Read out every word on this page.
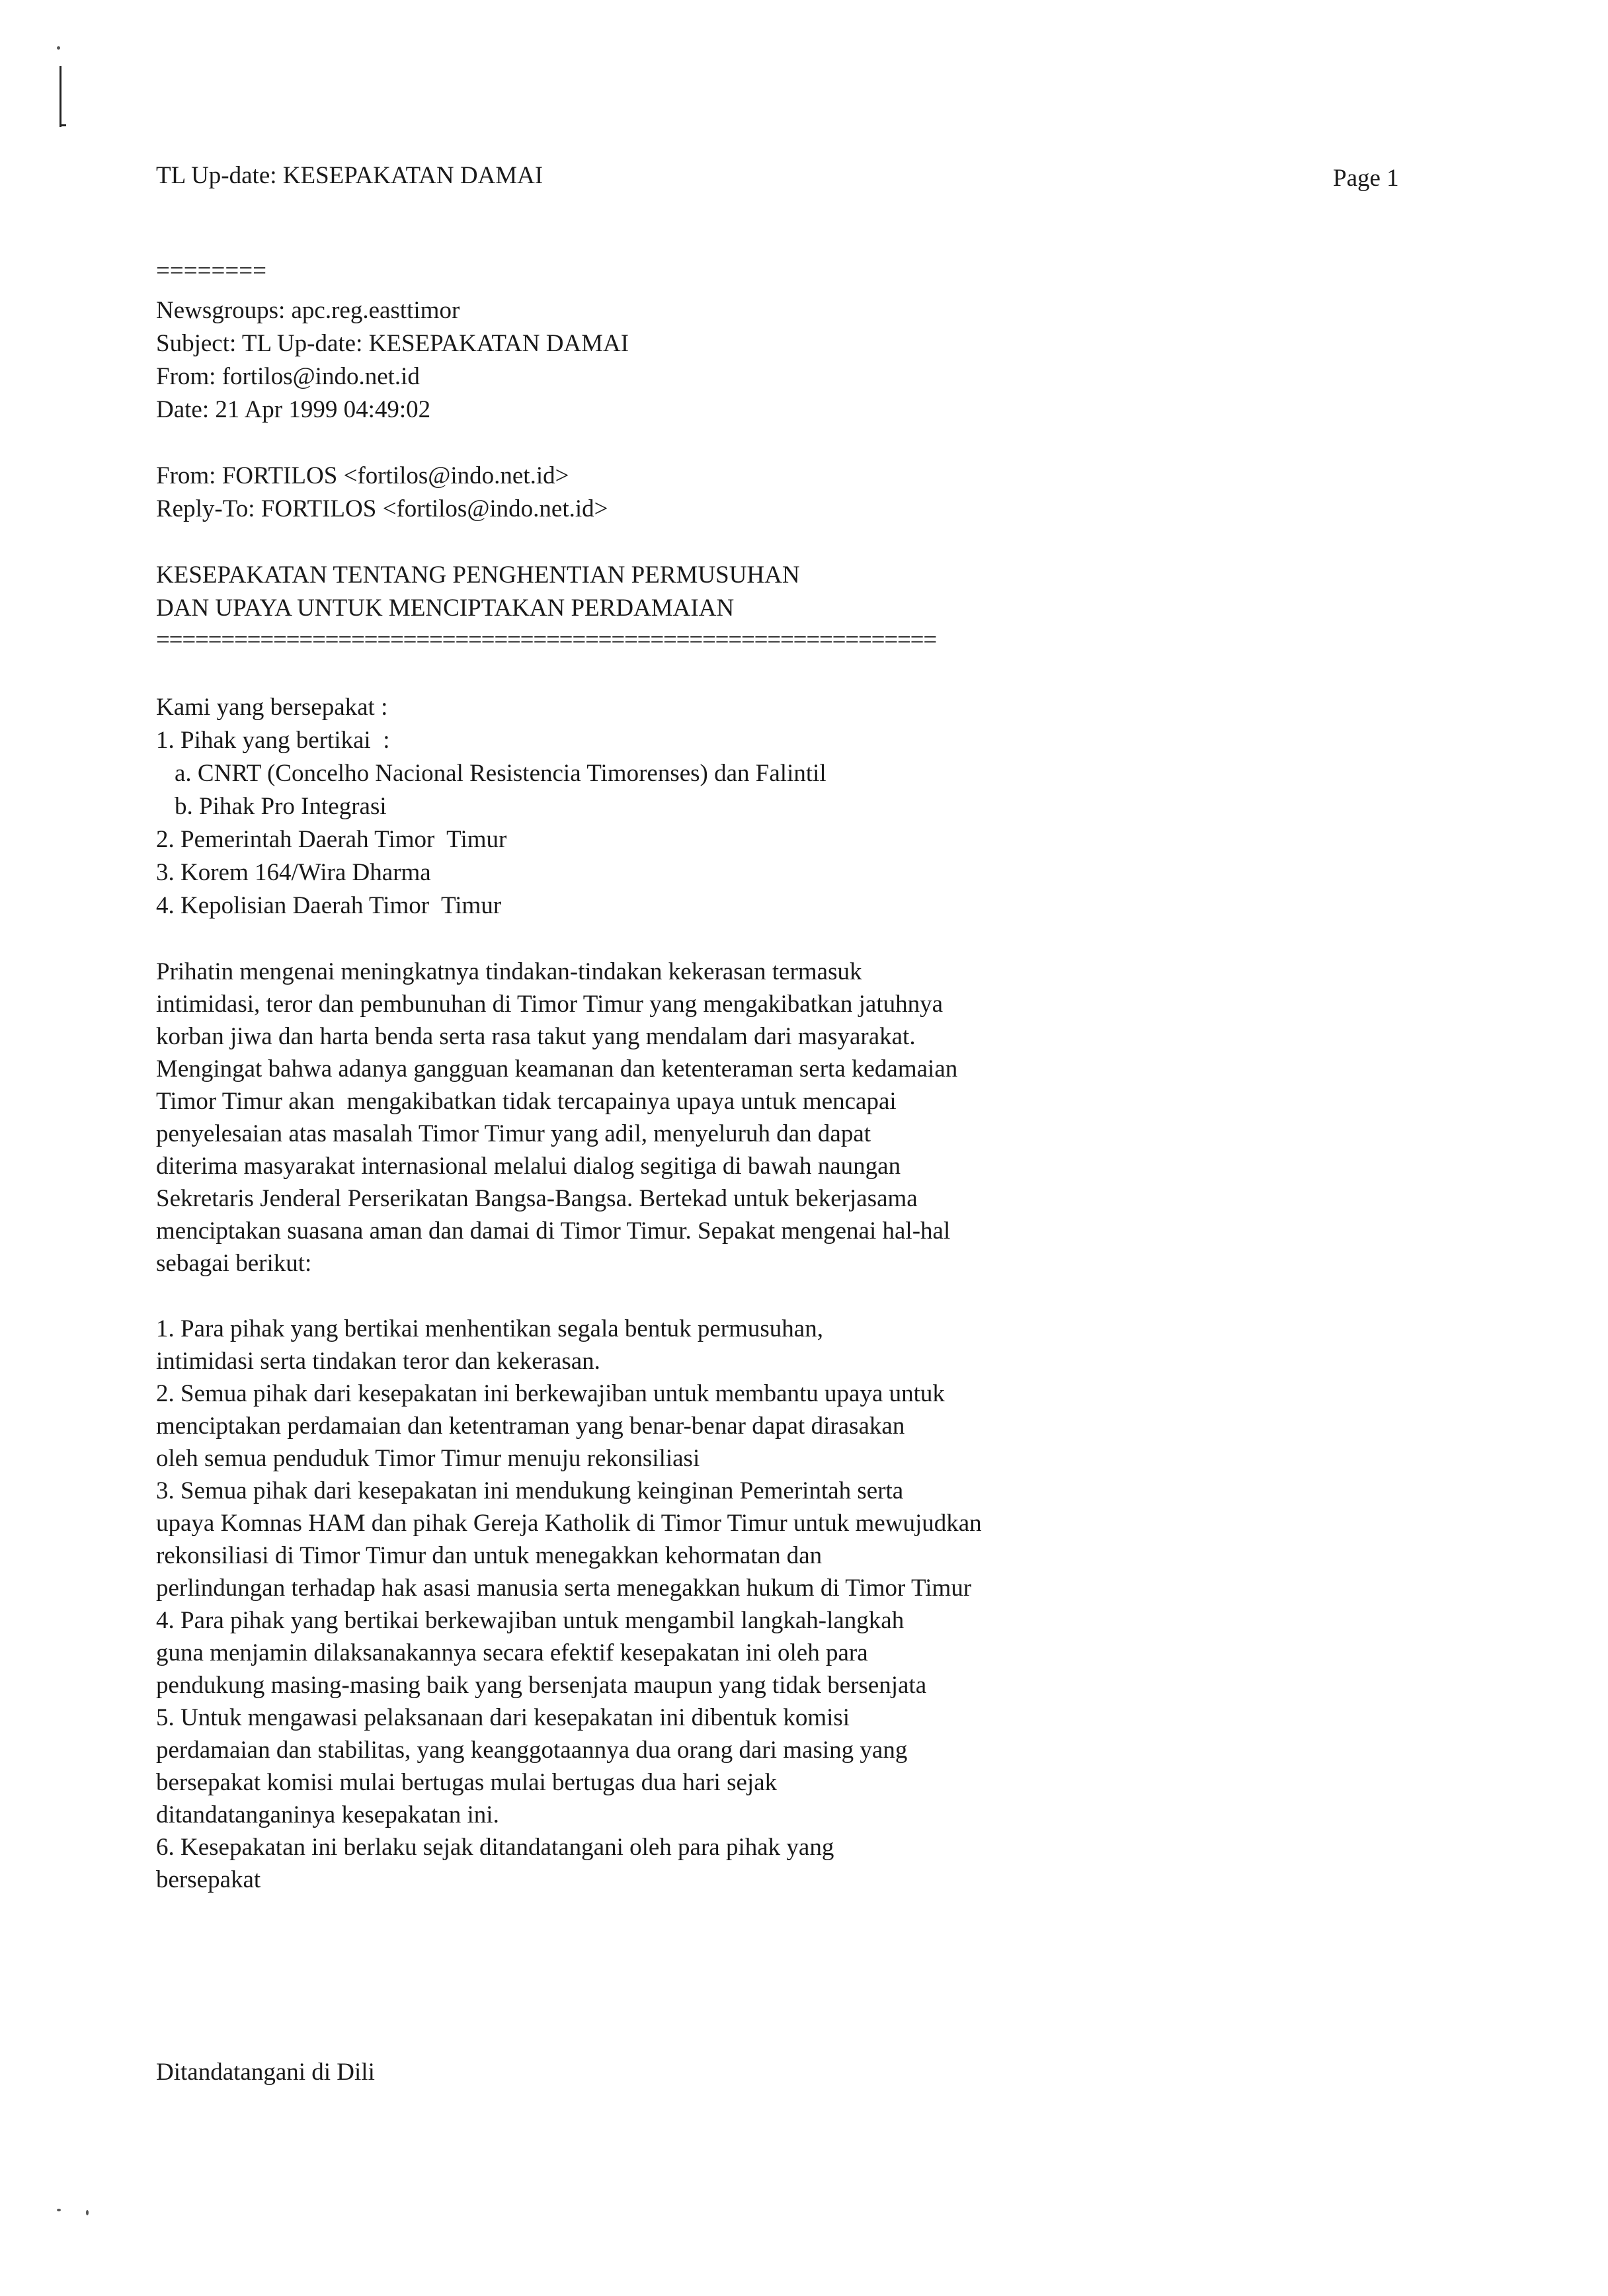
TL Up-date: KESEPAKATAN DAMAI	Page 1
========
Newsgroups: apc.reg.easttimor
Subject: TL Up-date: KESEPAKATAN DAMAI
From: fortilos@indo.net.id
Date: 21 Apr 1999 04:49:02
From: FORTILOS <fortilos@indo.net.id>
Reply-To: FORTILOS <fortilos@indo.net.id>
KESEPAKATAN TENTANG PENGHENTIAN PERMUSUHAN
DAN UPAYA UNTUK MENCIPTAKAN PERDAMAIAN
============================================================
Kami yang bersepakat :
1. Pihak yang bertikai  :
a. CNRT (Concelho Nacional Resistencia Timorenses) dan Falintil
b. Pihak Pro Integrasi
2. Pemerintah Daerah Timor  Timur
3. Korem 164/Wira Dharma
4. Kepolisian Daerah Timor  Timur
Prihatin mengenai meningkatnya tindakan-tindakan kekerasan termasuk
intimidasi, teror dan pembunuhan di Timor Timur yang mengakibatkan jatuhnya
korban jiwa dan harta benda serta rasa takut yang mendalam dari masyarakat.
Mengingat bahwa adanya gangguan keamanan dan ketenteraman serta kedamaian
Timor Timur akan  mengakibatkan tidak tercapainya upaya untuk mencapai
penyelesaian atas masalah Timor Timur yang adil, menyeluruh dan dapat
diterima masyarakat internasional melalui dialog segitiga di bawah naungan
Sekretaris Jenderal Perserikatan Bangsa-Bangsa. Bertekad untuk bekerjasama
menciptakan suasana aman dan damai di Timor Timur. Sepakat mengenai hal-hal
sebagai berikut:
1. Para pihak yang bertikai menhentikan segala bentuk permusuhan,
intimidasi serta tindakan teror dan kekerasan.
2. Semua pihak dari kesepakatan ini berkewajiban untuk membantu upaya untuk
menciptakan perdamaian dan ketentraman yang benar-benar dapat dirasakan
oleh semua penduduk Timor Timur menuju rekonsiliasi
3. Semua pihak dari kesepakatan ini mendukung keinginan Pemerintah serta
upaya Komnas HAM dan pihak Gereja Katholik di Timor Timur untuk mewujudkan
rekonsiliasi di Timor Timur dan untuk menegakkan kehormatan dan
perlindungan terhadap hak asasi manusia serta menegakkan hukum di Timor Timur
4. Para pihak yang bertikai berkewajiban untuk mengambil langkah-langkah
guna menjamin dilaksanakannya secara efektif kesepakatan ini oleh para
pendukung masing-masing baik yang bersenjata maupun yang tidak bersenjata
5. Untuk mengawasi pelaksanaan dari kesepakatan ini dibentuk komisi
perdamaian dan stabilitas, yang keanggotaannya dua orang dari masing yang
bersepakat komisi mulai bertugas mulai bertugas dua hari sejak
ditandatanganinya kesepakatan ini.
6. Kesepakatan ini berlaku sejak ditandatangani oleh para pihak yang
bersepakat
Ditandatangani di Dili
